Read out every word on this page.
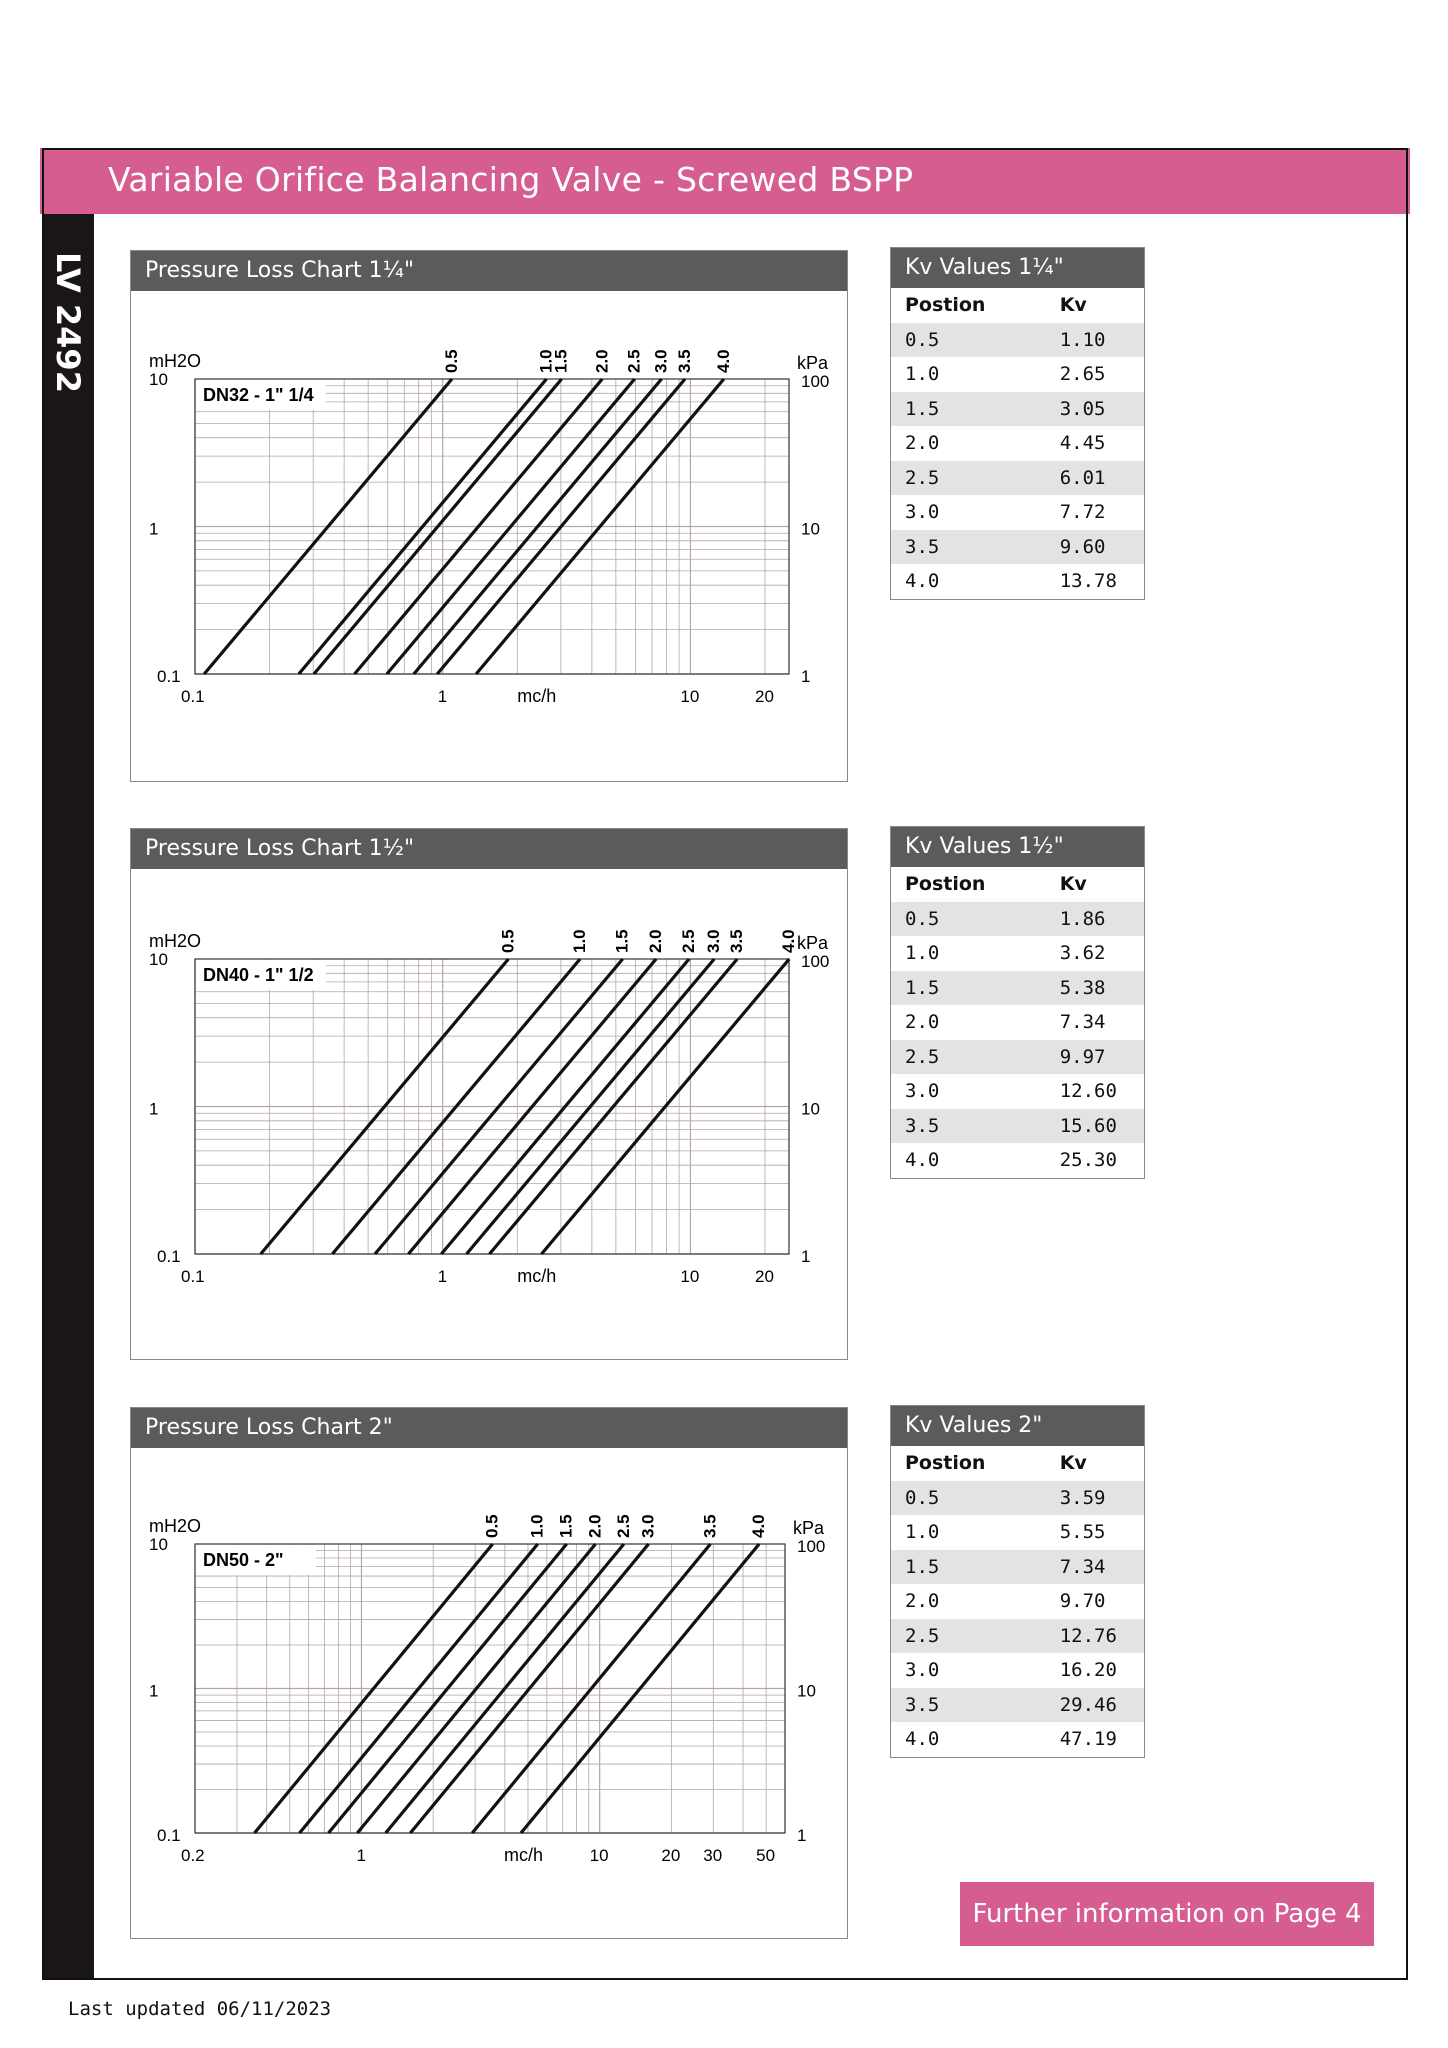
Variable Orifice Balancing Valve - Screwed BSPP
LV 2492	Pressure Loss Chart 1¼"
DN32 - 1" 1/4
0.5	1.0
1.5 2.0 2.5 3.0 3.5 4.0
mH2O
10
1
0.1
kPa
100
10
1
0.1	1	10	20
mc/h
Pressure Loss Chart 1½"
DN40 - 1" 1/2
0.5	1.0 1.5 2.0 2.5 3.0 3.5 4.0
mH2O
10
1
0.1
kPa
100
10
1
0.1	1	10	20
mc/h
Pressure Loss Chart 2"
DN50 - 2"
0.5 1.0 1.5 2.0 2.5 3.0	3.5 4.0
mH2O
10
1
0.1
kPa
100
10
1
0.2	1	10	20 30 50
mc/h
Kv Values 1¼"
Postion	Kv
0.5	1.10
1.0	2.65
1.5	3.05
2.0	4.45
2.5	6.01
3.0	7.72
3.5	9.60
4.0	13.78
Kv Values 1½"
Postion	Kv
0.5	1.86
1.0	3.62
1.5	5.38
2.0	7.34
2.5	9.97
3.0	12.60
3.5	15.60
4.0	25.30
Kv Values 2"
Postion	Kv
0.5	3.59
1.0	5.55
1.5	7.34
2.0	9.70
2.5	12.76
3.0	16.20
3.5	29.46
4.0	47.19
Further information on Page 4
Last updated 06/11/2023
